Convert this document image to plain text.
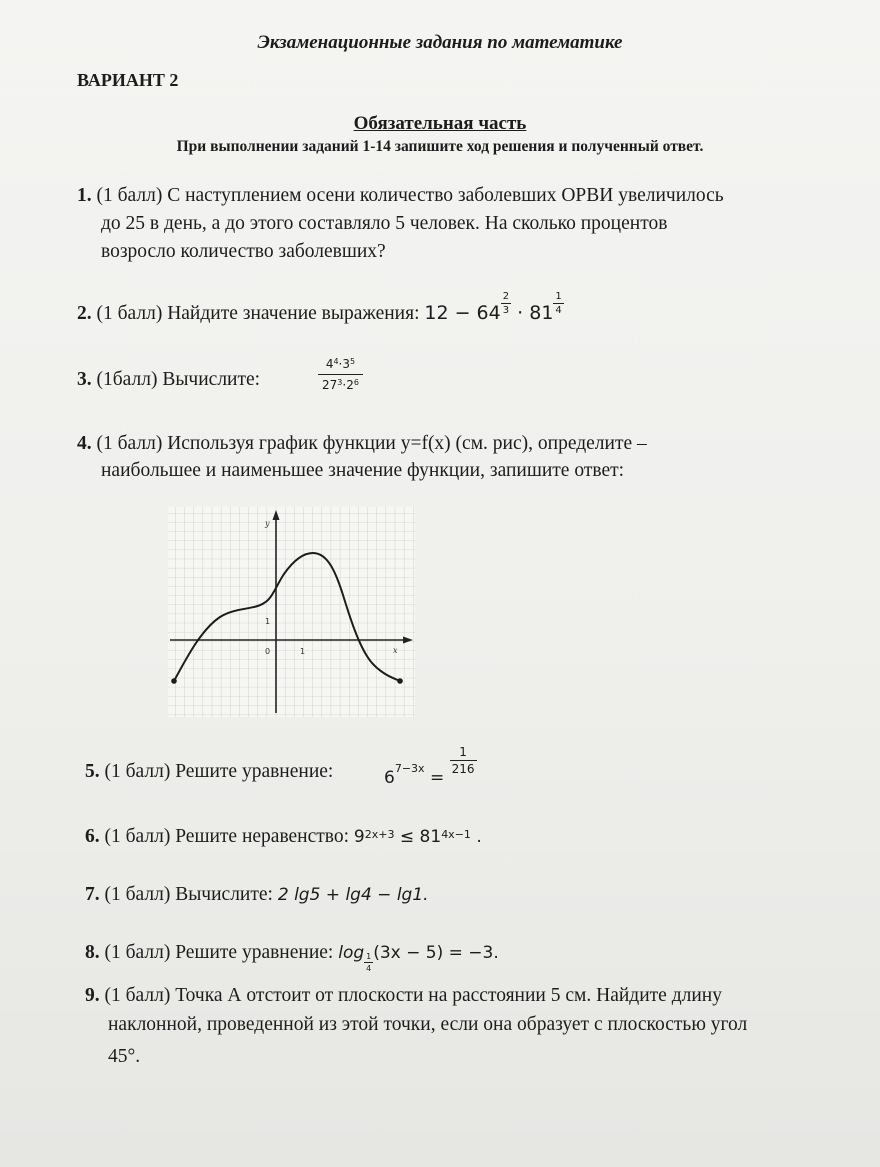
Экзаменационные задания по математике
ВАРИАНТ 2
Обязательная часть
При выполнении заданий 1-14 запишите ход решения и полученный ответ.
1. (1 балл) С наступлением осени количество заболевших ОРВИ увеличилось
до 25 в день, а до этого составляло 5 человек. На сколько процентов
возросло количество заболевших?
2. (1 балл) Найдите значение выражения: $12 - 64 \frac{2}{3} \cdot 81 \frac{1}{4}$
3. (1балл) Вычислите:	$\frac{4^4\cdot 3^5}{27^3\cdot 2^6}$
4. (1 балл) Используя график функции y=f(x) (см. рис), определите –
наибольшее и наименьшее значение функции, запишите ответ:
y
x
0	1
1
5. (1 балл) Решите уравнение:	$6^{7-3x}$ =
$\frac{1}{216}$
6. (1 балл) Решите неравенство: $9^{2x+3} \le 81^{4x-1}$ .
7. (1 балл) Вычислите: 2 lg5 + lg4 − lg1.
8. (1 балл) Решите уравнение: $\log \frac{1}{4} (3x - 5) = -3$.
9. (1 балл) Точка А отстоит от плоскости на расстоянии 5 см. Найдите длину
наклонной, проведенной из этой точки, если она образует с плоскостью угол
45°.
